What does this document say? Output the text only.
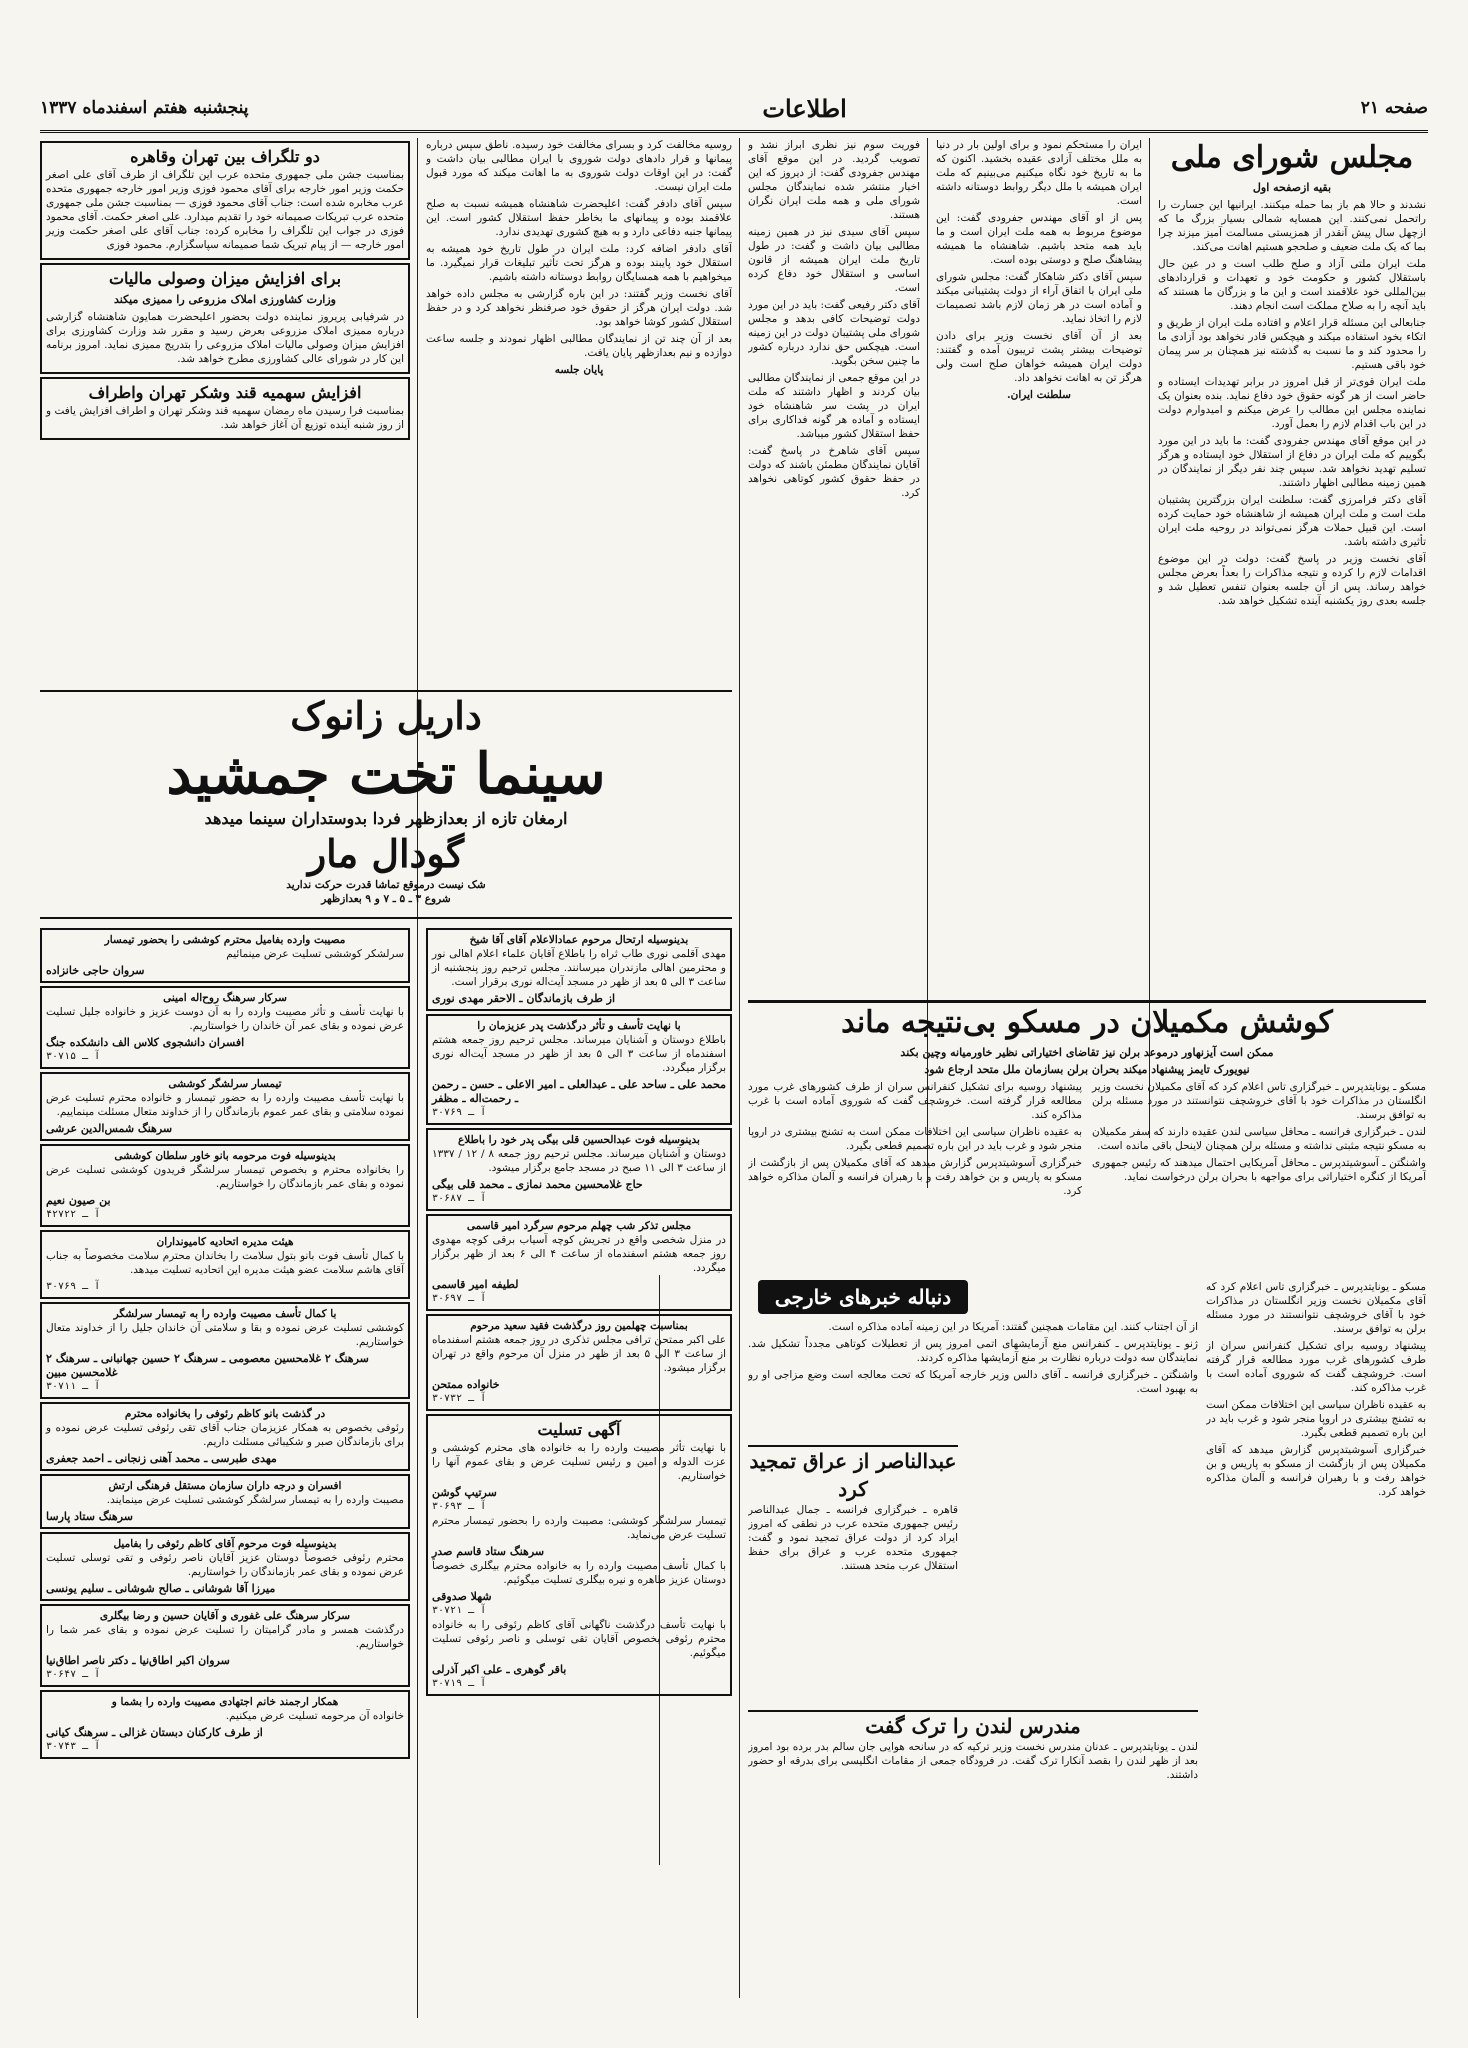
صفحه ۲۱
اطلاعات
پنجشنبه هفتم اسفندماه ۱۳۳۷
مجلس شورای ملی
بقیه ازصفحه اول

نشدند و حالا هم باز بما حمله میکنند. ایرانیها این جسارت را راتحمل نمی‌کنند. این همسایه شمالی بسیار بزرگ ما که ازچهل سال پیش آنقدر از همزیستی مسالمت آمیز میزند چرا بما که یک ملت ضعیف و صلحجو هستیم اهانت می‌کند.

ملت ایران ملتی آزاد و صلح طلب است و در عین حال باستقلال کشور و حکومت خود و تعهدات و قراردادهای بین‌المللی خود علاقمند است و این ما و بزرگان ما هستند که باید آنچه را به صلاح مملکت است انجام دهند.

جنابعالی این مسئله قرار اعلام و افتاده ملت ایران از طریق و اتکاء بخود استفاده میکند و هیچکس قادر نخواهد بود آزادی ما را محدود کند و ما نسبت به گذشته نیز همچنان بر سر پیمان خود باقی هستیم.

ملت ایران قوی‌تر از قبل امروز در برابر تهدیدات ایستاده و حاضر است از هر گونه حقوق خود دفاع نماید. بنده بعنوان یک نماینده مجلس این مطالب را عرض میکنم و امیدوارم دولت در این باب اقدام لازم را بعمل آورد.

در این موقع آقای مهندس جفرودی گفت: ما باید در این مورد بگوییم که ملت ایران در دفاع از استقلال خود ایستاده و هرگز تسلیم تهدید نخواهد شد. سپس چند نفر دیگر از نمایندگان در همین زمینه مطالبی اظهار داشتند.

آقای دکتر فرامرزی گفت: سلطنت ایران بزرگترین پشتیبان ملت است و ملت ایران همیشه از شاهنشاه خود حمایت کرده است. این قبیل حملات هرگز نمی‌تواند در روحیه ملت ایران تأثیری داشته باشد.

آقای نخست وزیر در پاسخ گفت: دولت در این موضوع اقدامات لازم را کرده و نتیجه مذاکرات را بعداً بعرض مجلس خواهد رساند. پس از آن جلسه بعنوان تنفس تعطیل شد و جلسه بعدی روز یکشنبه آینده تشکیل خواهد شد.

ایران را مستحکم نمود و برای اولین بار در دنیا به ملل مختلف آزادی عقیده بخشید. اکنون که ما به تاریخ خود نگاه میکنیم می‌بینیم که ملت ایران همیشه با ملل دیگر روابط دوستانه داشته است.

پس از او آقای مهندس جفرودی گفت: این موضوع مربوط به همه ملت ایران است و ما باید همه متحد باشیم. شاهنشاه ما همیشه پیشاهنگ صلح و دوستی بوده است.

سپس آقای دکتر شاهکار گفت: مجلس شورای ملی ایران با اتفاق آراء از دولت پشتیبانی میکند و آماده است در هر زمان لازم باشد تصمیمات لازم را اتخاذ نماید.

بعد از آن آقای نخست وزیر برای دادن توضیحات بیشتر پشت تریبون آمده و گفتند: دولت ایران همیشه خواهان صلح است ولی هرگز تن به اهانت نخواهد داد.

سلطنت ایران.

فوریت سوم نیز نظری ابراز نشد و تصویب گردید. در این موقع آقای مهندس جفرودی گفت: از دیروز که این اخبار منتشر شده نمایندگان مجلس شورای ملی و همه ملت ایران نگران هستند.

سپس آقای سیدی نیز در همین زمینه مطالبی بیان داشت و گفت: در طول تاریخ ملت ایران همیشه از قانون اساسی و استقلال خود دفاع کرده است.

آقای دکتر رفیعی گفت: باید در این مورد دولت توضیحات کافی بدهد و مجلس شورای ملی پشتیبان دولت در این زمینه است. هیچکس حق ندارد درباره کشور ما چنین سخن بگوید.

در این موقع جمعی از نمایندگان مطالبی بیان کردند و اظهار داشتند که ملت ایران در پشت سر شاهنشاه خود ایستاده و آماده هر گونه فداکاری برای حفظ استقلال کشور میباشد.

سپس آقای شاهرخ در پاسخ گفت: آقایان نمایندگان مطمئن باشند که دولت در حفظ حقوق کشور کوتاهی نخواهد کرد.

روسیه مخالفت کرد و بسرای مخالفت خود رسیده. ناطق سپس درباره پیمانها و قرار دادهای دولت شوروی با ایران مطالبی بیان داشت و گفت: در این اوقات دولت شوروی به ما اهانت میکند که مورد قبول ملت ایران نیست.

سپس آقای دادفر گفت: اعلیحضرت شاهنشاه همیشه نسبت به صلح علاقمند بوده و پیمانهای ما بخاطر حفظ استقلال کشور است. این پیمانها جنبه دفاعی دارد و به هیچ کشوری تهدیدی ندارد.

آقای دادفر اضافه کرد: ملت ایران در طول تاریخ خود همیشه به استقلال خود پایبند بوده و هرگز تحت تأثیر تبلیغات قرار نمیگیرد. ما میخواهیم با همه همسایگان روابط دوستانه داشته باشیم.

آقای نخست وزیر گفتند: در این باره گزارشی به مجلس داده خواهد شد. دولت ایران هرگز از حقوق خود صرفنظر نخواهد کرد و در حفظ استقلال کشور کوشا خواهد بود.

بعد از آن چند تن از نمایندگان مطالبی اظهار نمودند و جلسه ساعت دوازده و نیم بعدازظهر پایان یافت.

پایان جلسه

دو تلگراف بین تهران وقاهره

بمناسبت جشن ملی جمهوری متحده عرب این تلگراف از طرف آقای علی اصغر حکمت وزیر امور خارجه برای آقای محمود فوزی وزیر امور خارجه جمهوری متحده عرب مخابره شده است: جناب آقای محمود فوزی — بمناسبت جشن ملی جمهوری متحده عرب تبریکات صمیمانه خود را تقدیم میدارد. علی اصغر حکمت. آقای محمود فوزی در جواب این تلگراف را مخابره کرده: جناب آقای علی اصغر حکمت وزیر امور خارجه — از پیام تبریک شما صمیمانه سپاسگزارم. محمود فوزی

برای افزایش میزان وصولی مالیات
وزارت کشاورزی املاک مزروعی را ممیزی میکند

در شرفیابی پریروز نماینده دولت بحضور اعلیحضرت همایون شاهنشاه گزارشی درباره ممیزی املاک مزروعی بعرض رسید و مقرر شد وزارت کشاورزی برای افزایش میزان وصولی مالیات املاک مزروعی را بتدریج ممیزی نماید. امروز برنامه این کار در شورای عالی کشاورزی مطرح خواهد شد.

افزایش سهمیه قند وشکر تهران واطراف

بمناسبت فرا رسیدن ماه رمضان سهمیه قند وشکر تهران و اطراف افزایش یافت و از روز شنبه آینده توزیع آن آغاز خواهد شد.

داریل زانوک
سینما تخت جمشید
ارمغان تازه از بعدازظهر فردا بدوستداران سینما میدهد
گودال مار
شک نیست درموقع تماشا قدرت حرکت ندارید
شروع ۳ ـ ۵ ـ ۷ و ۹ بعدازظهر
کوشش مکمیلان در مسکو بی‌نتیجه ماند
ممکن است آیزنهاور درموعد برلن نیز تقاضای اختیاراتی نظیر خاورمیانه وچین بکند
نیویورک تایمز پیشنهاد میکند بحران برلن بسازمان ملل متحد ارجاع شود

مسکو ـ یونایتدپرس ـ خبرگزاری تاس اعلام کرد که آقای مکمیلان نخست وزیر انگلستان در مذاکرات خود با آقای خروشچف نتوانستند در مورد مسئله برلن به توافق برسند.

لندن ـ خبرگزاری فرانسه ـ محافل سیاسی لندن عقیده دارند که سفر مکمیلان به مسکو نتیجه مثبتی نداشته و مسئله برلن همچنان لاینحل باقی مانده است.

واشنگتن ـ آسوشیتدپرس ـ محافل آمریکایی احتمال میدهند که رئیس جمهوری آمریکا از کنگره اختیاراتی برای مواجهه با بحران برلن درخواست نماید.

پیشنهاد روسیه برای تشکیل کنفرانس سران از طرف کشورهای غرب مورد مطالعه قرار گرفته است. خروشچف گفت که شوروی آماده است با غرب مذاکره کند.

به عقیده ناظران سیاسی این اختلافات ممکن است به تشنج بیشتری در اروپا منجر شود و غرب باید در این باره تصمیم قطعی بگیرد.

خبرگزاری آسوشیتدپرس گزارش میدهد که آقای مکمیلان پس از بازگشت از مسکو به پاریس و بن خواهد رفت و با رهبران فرانسه و آلمان مذاکره خواهد کرد.

دنباله خبرهای خارجی	مسکو ـ یونایتدپرس ـ خبرگزاری تاس اعلام کرد که آقای مکمیلان نخست وزیر انگلستان در مذاکرات خود با آقای خروشچف نتوانستند در مورد مسئله برلن به توافق برسند.

پیشنهاد روسیه برای تشکیل کنفرانس سران از طرف کشورهای غرب مورد مطالعه قرار گرفته است. خروشچف گفت که شوروی آماده است با غرب مذاکره کند.

به عقیده ناظران سیاسی این اختلافات ممکن است به تشنج بیشتری در اروپا منجر شود و غرب باید در این باره تصمیم قطعی بگیرد.

خبرگزاری آسوشیتدپرس گزارش میدهد که آقای مکمیلان پس از بازگشت از مسکو به پاریس و بن خواهد رفت و با رهبران فرانسه و آلمان مذاکره خواهد کرد.

از آن اجتناب کنند. این مقامات همچنین گفتند: آمریکا در این زمینه آماده مذاکره است.

ژنو ـ یونایتدپرس ـ کنفرانس منع آزمایشهای اتمی امروز پس از تعطیلات کوتاهی مجدداً تشکیل شد. نمایندگان سه دولت درباره نظارت بر منع آزمایشها مذاکره کردند.

واشنگتن ـ خبرگزاری فرانسه ـ آقای دالس وزیر خارجه آمریکا که تحت معالجه است وضع مزاجی او رو به بهبود است.

عبدالناصر از عراق تمجید کرد

قاهره ـ خبرگزاری فرانسه ـ جمال عبدالناصر رئیس جمهوری متحده عرب در نطقی که امروز ایراد کرد از دولت عراق تمجید نمود و گفت: جمهوری متحده عرب و عراق برای حفظ استقلال عرب متحد هستند.

مندرس لندن را ترک گفت

لندن ـ یونایتدپرس ـ عدنان مندرس نخست وزیر ترکیه که در سانحه هوایی جان سالم بدر برده بود امروز بعد از ظهر لندن را بقصد آنکارا ترک گفت. در فرودگاه جمعی از مقامات انگلیسی برای بدرقه او حضور داشتند.

بدینوسیله ارتحال مرحوم عمادالاعلام آقای آقا شیخ

مهدی آقلمی نوری طاب ثراه را باطلاع آقایان علماء اعلام اهالی نور و محترمین اهالی مازندران میرسانند. مجلس ترحیم روز پنجشنبه از ساعت ۳ الی ۵ بعد از ظهر در مسجد آیت‌اله نوری برقرار است.

از طرف بازماندگان ـ الاحقر مهدی نوری
با نهایت تأسف و تأثر درگذشت پدر عزیزمان را

باطلاع دوستان و آشنایان میرساند. مجلس ترحیم روز جمعه هشتم اسفندماه از ساعت ۳ الی ۵ بعد از ظهر در مسجد آیت‌اله نوری برگزار میگردد.

محمد علی ـ ساحد علی ـ عبدالعلی ـ امیر الاعلی ـ حسن ـ رحمن ـ رحمت‌اله ـ مظفر
آ ـ ۳۰۷۶۹
بدینوسیله فوت عبدالحسین قلی بیگی پدر خود را باطلاع

دوستان و آشنایان میرساند. مجلس ترحیم روز جمعه ۸ / ۱۲ / ۱۳۳۷ از ساعت ۳ الی ۱۱ صبح در مسجد جامع برگزار میشود.

حاج غلامحسین محمد نمازی ـ محمد قلی بیگی
آ ـ ۳۰۶۸۷
مجلس تذکر شب چهلم مرحوم سرگرد امیر قاسمی

در منزل شخصی واقع در تجریش کوچه آسیاب برقی کوچه مهدوی روز جمعه هشتم اسفندماه از ساعت ۴ الی ۶ بعد از ظهر برگزار میگردد.

لطیفه امیر قاسمی
آ ـ ۳۰۶۹۷
بمناسبت چهلمین روز درگذشت فقید سعید مرحوم

علی اکبر ممتحن ترافی مجلس تذکری در روز جمعه هشتم اسفندماه از ساعت ۳ الی ۵ بعد از ظهر در منزل آن مرحوم واقع در تهران برگزار میشود.

خانواده ممتحن
آ ـ ۳۰۷۳۲
آگهی تسلیت

با نهایت تأثر مصیبت وارده را به خانواده های محترم کوششی و عزت الدوله و امین و رئیس تسلیت عرض و بقای عموم آنها را خواستاریم.

سرتیپ گوشن
آ ـ ۳۰۶۹۳

تیمسار سرلشگر کوششی: مصیبت وارده را بحضور تیمسار محترم تسلیت عرض می‌نماید.

سرهنگ ستاد قاسم صدر

با کمال تأسف مصیبت وارده را به خانواده محترم بیگلری خصوصاً دوستان عزیز طاهره و نیره بیگلری تسلیت میگوئیم.

شهلا صدوقی
آ ـ ۳۰۷۲۱

با نهایت تأسف درگذشت ناگهانی آقای کاظم رئوفی را به خانواده محترم رئوفی بخصوص آقایان تقی توسلی و ناصر رئوفی تسلیت میگوئیم.

باقر گوهری ـ علی اکبر آذرلی
آ ـ ۳۰۷۱۹
مصیبت وارده بفامیل محترم کوششی را بحضور تیمسار

سرلشکر کوششی تسلیت عرض مینمائیم

سروان حاجی خانزاده
سرکار سرهنگ روح‌اله امینی

با نهایت تأسف و تأثر مصیبت وارده را به آن دوست عزیز و خانواده جلیل تسلیت عرض نموده و بقای عمر آن خاندان را خواستاریم.

افسران دانشجوی کلاس الف دانشکده جنگ
آ ـ ۳۰۷۱۵
تیمسار سرلشگر کوششی

با نهایت تأسف مصیبت وارده را به حضور تیمسار و خانواده محترم تسلیت عرض نموده سلامتی و بقای عمر عموم بازماندگان را از خداوند متعال مسئلت مینماییم.

سرهنگ شمس‌الدین عرشی
بدینوسیله فوت مرحومه بانو خاور سلطان کوششی

را بخانواده محترم و بخصوص تیمسار سرلشگر فریدون کوششی تسلیت عرض نموده و بقای عمر بازماندگان را خواستاریم.

بن صیون نعیم
آ ـ ۴۲۷۲۲
هیئت مدیره اتحادیه کامیونداران

با کمال تأسف فوت بانو بتول سلامت را بخاندان محترم سلامت مخصوصاً به جناب آقای هاشم سلامت عضو هیئت مدیره این اتحادیه تسلیت میدهد.

آ ـ ۳۰۷۶۹
با کمال تأسف مصیبت وارده را به تیمسار سرلشگر

کوششی تسلیت عرض نموده و بقا و سلامتی آن خاندان جلیل را از خداوند متعال خواستاریم.

سرهنگ ۲ غلامحسین معصومی ـ سرهنگ ۲ حسین جهانبانی ـ سرهنگ ۲ غلامحسین مبین
آ ـ ۳۰۷۱۱
در گذشت بانو کاظم رئوفی را بخانواده محترم

رئوفی بخصوص به همکار عزیزمان جناب آقای تقی رئوفی تسلیت عرض نموده و برای بازماندگان صبر و شکیبائی مسئلت داریم.

مهدی طبرسی ـ محمد آهنی زنجانی ـ احمد جعفری
افسران و درجه داران سازمان مستقل فرهنگی ارتش

مصیبت وارده را به تیمسار سرلشگر کوششی تسلیت عرض مینمایند.

سرهنگ ستاد پارسا
بدینوسیله فوت مرحوم آقای کاظم رئوفی را بفامیل

محترم رئوفی خصوصاً دوستان عزیز آقایان ناصر رئوفی و تقی توسلی تسلیت عرض نموده و بقای عمر بازماندگان را خواستاریم.

میرزا آقا شوشانی ـ صالح شوشانی ـ سلیم یونسی
سرکار سرهنگ علی غفوری و آقایان حسین و رضا بیگلری

درگذشت همسر و مادر گرامیتان را تسلیت عرض نموده و بقای عمر شما را خواستاریم.

سروان اکبر اطاق‌نیا ـ دکتر ناصر اطاق‌نیا
آ ـ ۳۰۶۴۷
همکار ارجمند خانم اجتهادی مصیبت وارده را بشما و

خانواده آن مرحومه تسلیت عرض میکنیم.

از طرف کارکنان دبستان غزالی ـ سرهنگ کیانی
آ ـ ۳۰۷۴۳
